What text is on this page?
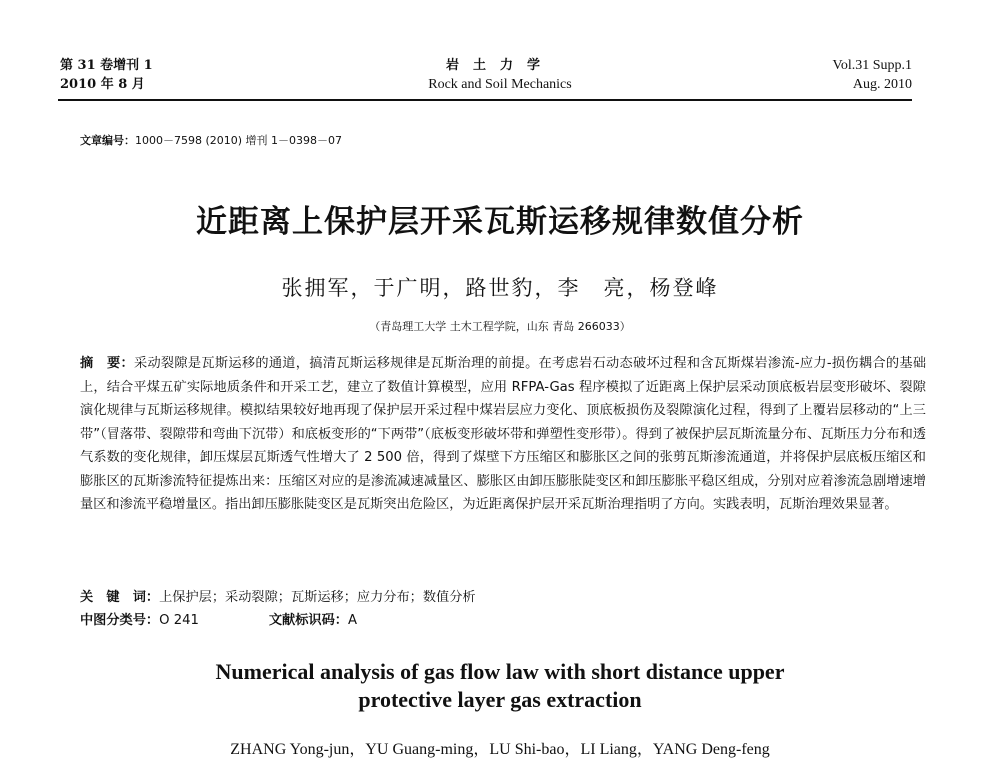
第 31 卷增刊 1
2010 年 8 月
岩土力学
Rock and Soil Mechanics
Vol.31 Supp.1
Aug. 2010
文章编号：1000－7598 (2010) 增刊 1－0398－07
近距离上保护层开采瓦斯运移规律数值分析
张拥军，于广明，路世豹，李　亮，杨登峰
（青岛理工大学 土木工程学院，山东 青岛 266033）
摘　要：采动裂隙是瓦斯运移的通道，搞清瓦斯运移规律是瓦斯治理的前提。在考虑岩石动态破坏过程和含瓦斯煤岩渗流-应力-损伤耦合的基础上，结合平煤五矿实际地质条件和开采工艺，建立了数值计算模型，应用 RFPA-Gas 程序模拟了近距离上保护层采动顶底板岩层变形破坏、裂隙演化规律与瓦斯运移规律。模拟结果较好地再现了保护层开采过程中煤岩层应力变化、顶底板损伤及裂隙演化过程，得到了上覆岩层移动的“上三带”（冒落带、裂隙带和弯曲下沉带）和底板变形的“下两带”（底板变形破坏带和弹塑性变形带）。得到了被保护层瓦斯流量分布、瓦斯压力分布和透气系数的变化规律，卸压煤层瓦斯透气性增大了 2 500 倍，得到了煤壁下方压缩区和膨胀区之间的张剪瓦斯渗流通道，并将保护层底板压缩区和膨胀区的瓦斯渗流特征提炼出来：压缩区对应的是渗流减速减量区、膨胀区由卸压膨胀陡变区和卸压膨胀平稳区组成，分别对应着渗流急剧增速增量区和渗流平稳增量区。指出卸压膨胀陡变区是瓦斯突出危险区，为近距离保护层开采瓦斯治理指明了方向。实践表明，瓦斯治理效果显著。
关　键　词：上保护层；采动裂隙；瓦斯运移；应力分布；数值分析
中图分类号：O 241	文献标识码：A
Numerical analysis of gas flow law with short distance upper
protective layer gas extraction
ZHANG Yong-jun，YU Guang-ming，LU Shi-bao，LI Liang，YANG Deng-feng
